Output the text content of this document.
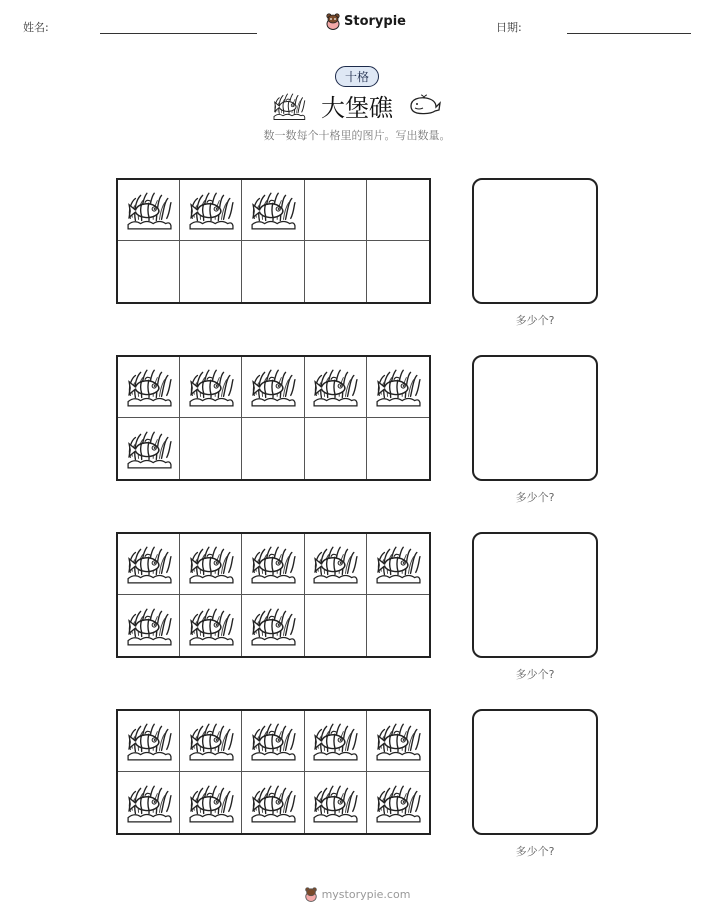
姓名:	Storypie	日期:
十格
大堡礁
数一数每个十格里的图片。写出数量。
多少个?
多少个?
多少个?
多少个?
mystorypie.com
